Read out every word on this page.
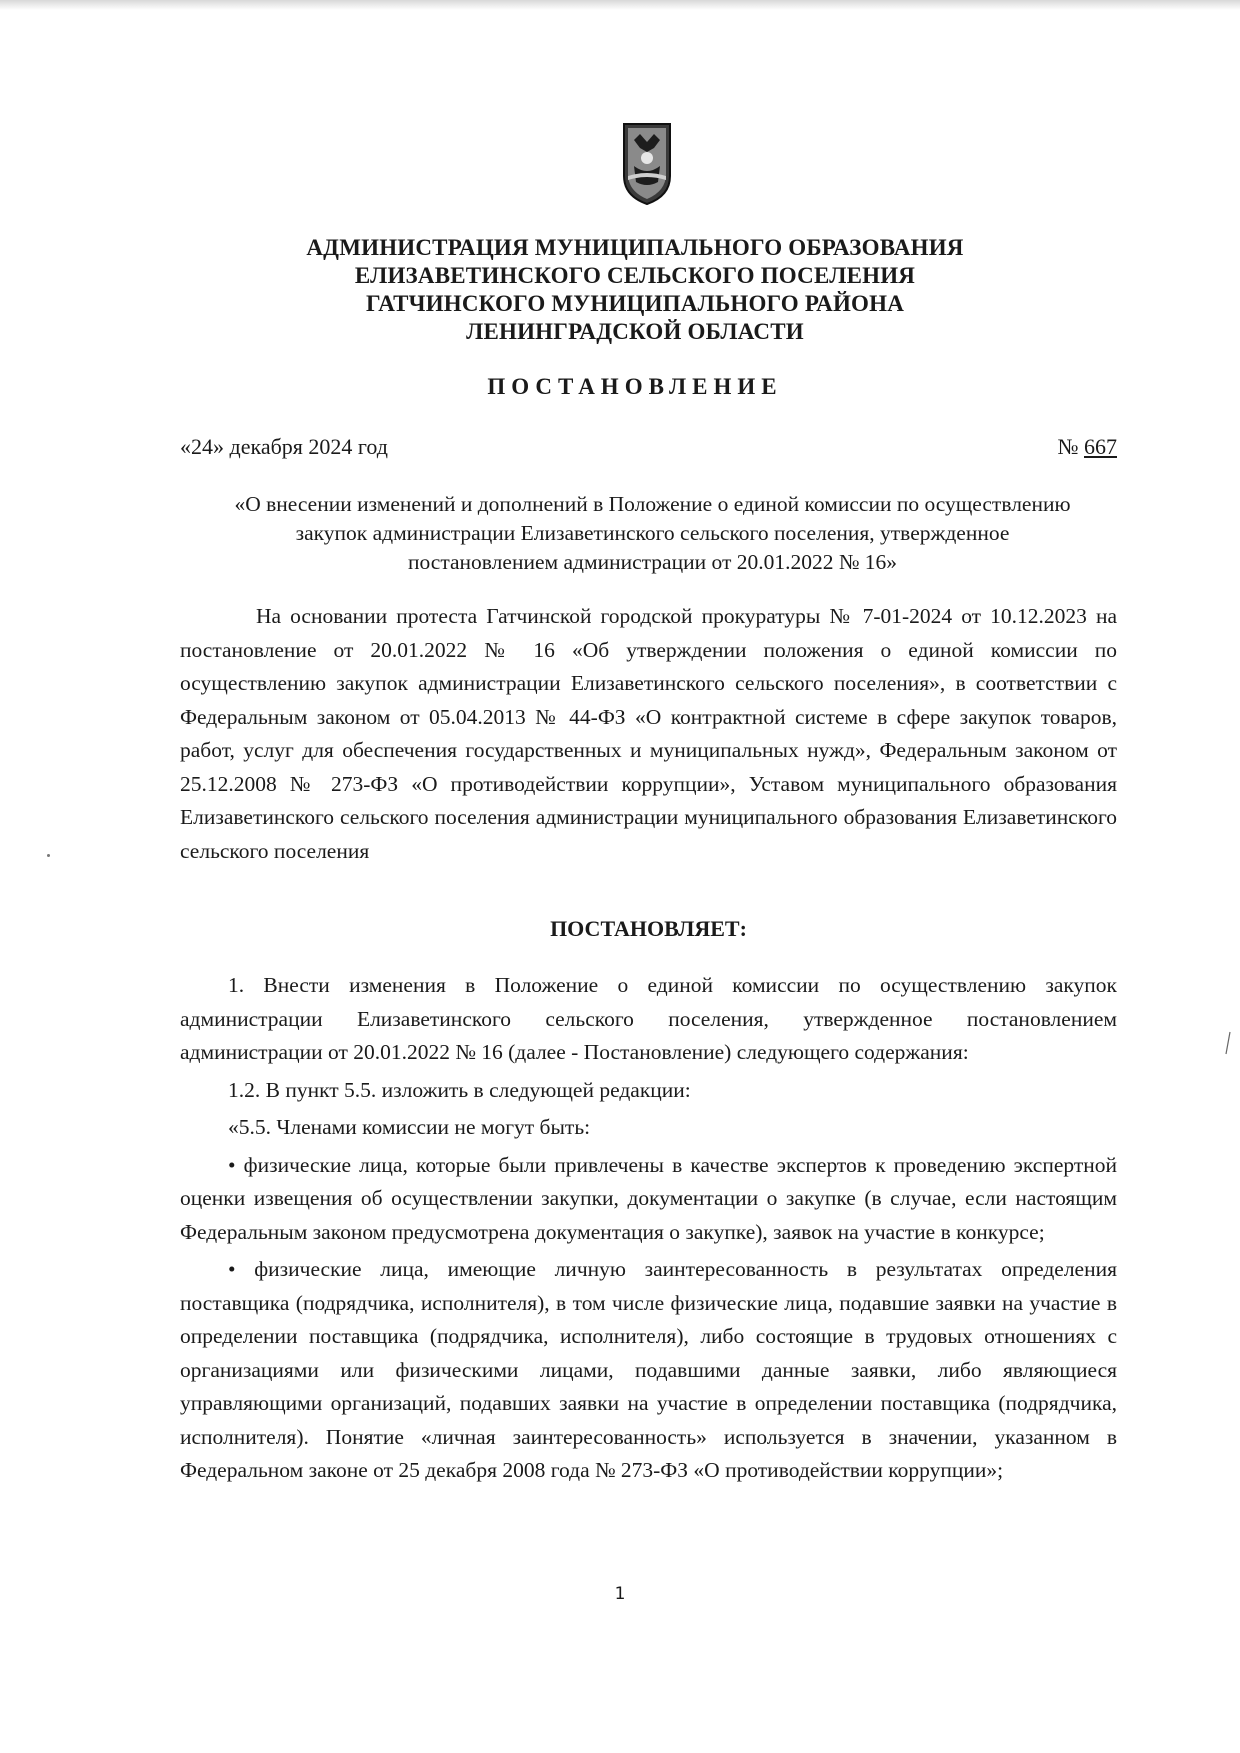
АДМИНИСТРАЦИЯ МУНИЦИПАЛЬНОГО ОБРАЗОВАНИЯ
ЕЛИЗАВЕТИНСКОГО СЕЛЬСКОГО ПОСЕЛЕНИЯ
ГАТЧИНСКОГО МУНИЦИПАЛЬНОГО РАЙОНА
ЛЕНИНГРАДСКОЙ ОБЛАСТИ
ПОСТАНОВЛЕНИЕ
«24» декабря 2024 год	№ 667
«О внесении изменений и дополнений в Положение о единой комиссии по осуществлению
закупок администрации Елизаветинского сельского поселения, утвержденное
постановлением администрации от 20.01.2022 № 16»

На основании протеста Гатчинской городской прокуратуры № 7-01-2024 от 10.12.2023 на постановление от 20.01.2022 № 16 «Об утверждении положения о единой комиссии по осуществлению закупок администрации Елизаветинского сельского поселения», в соответствии с Федеральным законом от 05.04.2013 № 44-ФЗ «О контрактной системе в сфере закупок товаров, работ, услуг для обеспечения государственных и муниципальных нужд», Федеральным законом от 25.12.2008 № 273-ФЗ «О противодействии коррупции», Уставом муниципального образования Елизаветинского сельского поселения администрации муниципального образования Елизаветинского сельского поселения

ПОСТАНОВЛЯЕТ:

1. Внести изменения в Положение о единой комиссии по осуществлению закупок администрации Елизаветинского сельского поселения, утвержденное постановлением администрации от 20.01.2022 № 16 (далее - Постановление) следующего содержания:

1.2. В пункт 5.5. изложить в следующей редакции:

«5.5. Членами комиссии не могут быть:

• физические лица, которые были привлечены в качестве экспертов к проведению экспертной оценки извещения об осуществлении закупки, документации о закупке (в случае, если настоящим Федеральным законом предусмотрена документация о закупке), заявок на участие в конкурсе;

• физические лица, имеющие личную заинтересованность в результатах определения поставщика (подрядчика, исполнителя), в том числе физические лица, подавшие заявки на участие в определении поставщика (подрядчика, исполнителя), либо состоящие в трудовых отношениях с организациями или физическими лицами, подавшими данные заявки, либо являющиеся управляющими организаций, подавших заявки на участие в определении поставщика (подрядчика, исполнителя). Понятие «личная заинтересованность» используется в значении, указанном в Федеральном законе от 25 декабря 2008 года № 273-ФЗ «О противодействии коррупции»;

1
